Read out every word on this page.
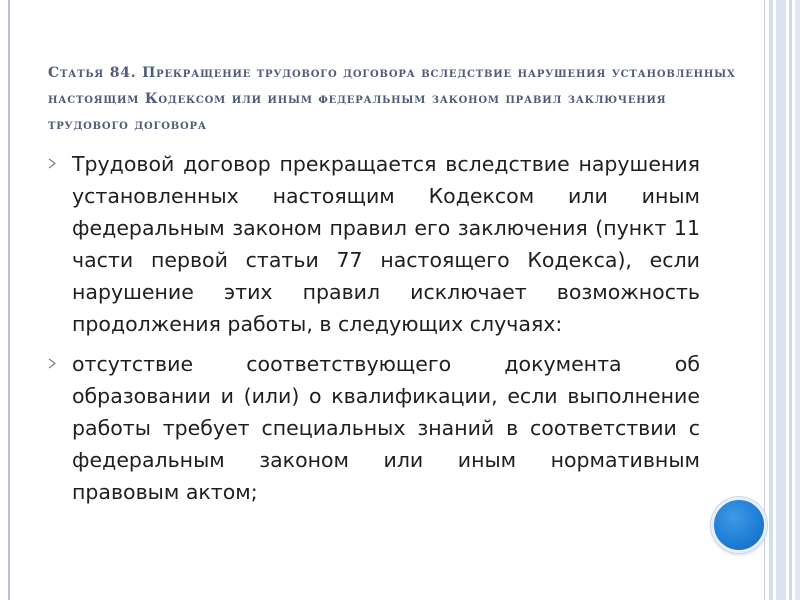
Статья 84. Прекращение трудового договора вследствие нарушения установленных настоящим Кодексом или иным федеральным законом правил заключения трудового договора
Трудовой договор прекращается вследствие нарушения установленных настоящим Кодексом или иным федеральным законом правил его заключения (пункт 11 части первой статьи 77 настоящего Кодекса), если нарушение этих правил исключает возможность продолжения работы, в следующих случаях:
отсутствие соответствующего документа об образовании и (или) о квалификации, если выполнение работы требует специальных знаний в соответствии с федеральным законом или иным нормативным правовым актом;
